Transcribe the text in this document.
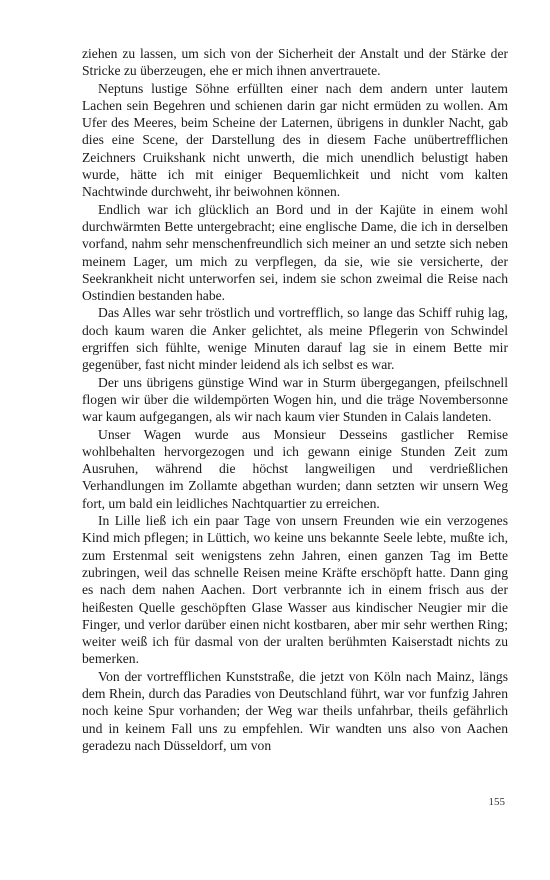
ziehen zu lassen, um sich von der Sicherheit der Anstalt und der Stärke der Stricke zu überzeugen, ehe er mich ihnen anvertrauete.

Neptuns lustige Söhne erfüllten einer nach dem andern unter lautem Lachen sein Begehren und schienen darin gar nicht ermüden zu wollen. Am Ufer des Meeres, beim Scheine der Laternen, übrigens in dunkler Nacht, gab dies eine Scene, der Darstellung des in diesem Fache unübertrefflichen Zeichners Cruikshank nicht unwerth, die mich unendlich belustigt haben wurde, hätte ich mit einiger Bequemlichkeit und nicht vom kalten Nachtwinde durchweht, ihr beiwohnen können.

Endlich war ich glücklich an Bord und in der Kajüte in einem wohl durchwärmten Bette untergebracht; eine englische Dame, die ich in derselben vorfand, nahm sehr menschenfreundlich sich meiner an und setzte sich neben meinem Lager, um mich zu verpflegen, da sie, wie sie versicherte, der Seekrankheit nicht unterworfen sei, indem sie schon zweimal die Reise nach Ostindien bestanden habe.

Das Alles war sehr tröstlich und vortrefflich, so lange das Schiff ruhig lag, doch kaum waren die Anker gelichtet, als meine Pflegerin von Schwindel ergriffen sich fühlte, wenige Minuten darauf lag sie in einem Bette mir gegenüber, fast nicht minder leidend als ich selbst es war.

Der uns übrigens günstige Wind war in Sturm übergegangen, pfeilschnell flogen wir über die wildempörten Wogen hin, und die träge Novembersonne war kaum aufgegangen, als wir nach kaum vier Stunden in Calais landeten.

Unser Wagen wurde aus Monsieur Desseins gastlicher Remise wohlbehalten hervorgezogen und ich gewann einige Stunden Zeit zum Ausruhen, während die höchst langweiligen und verdrießlichen Verhandlungen im Zollamte abgethan wurden; dann setzten wir unsern Weg fort, um bald ein leidliches Nachtquartier zu erreichen.

In Lille ließ ich ein paar Tage von unsern Freunden wie ein verzogenes Kind mich pflegen; in Lüttich, wo keine uns bekannte Seele lebte, mußte ich, zum Erstenmal seit wenigstens zehn Jahren, einen ganzen Tag im Bette zubringen, weil das schnelle Reisen meine Kräfte erschöpft hatte. Dann ging es nach dem nahen Aachen. Dort verbrannte ich in einem frisch aus der heißesten Quelle geschöpften Glase Wasser aus kindischer Neugier mir die Finger, und verlor darüber einen nicht kostbaren, aber mir sehr werthen Ring; weiter weiß ich für dasmal von der uralten berühmten Kaiserstadt nichts zu bemerken.

Von der vortrefflichen Kunststraße, die jetzt von Köln nach Mainz, längs dem Rhein, durch das Paradies von Deutschland führt, war vor funfzig Jahren noch keine Spur vorhanden; der Weg war theils unfahrbar, theils gefährlich und in keinem Fall uns zu empfehlen. Wir wandten uns also von Aachen geradezu nach Düsseldorf, um von

155
